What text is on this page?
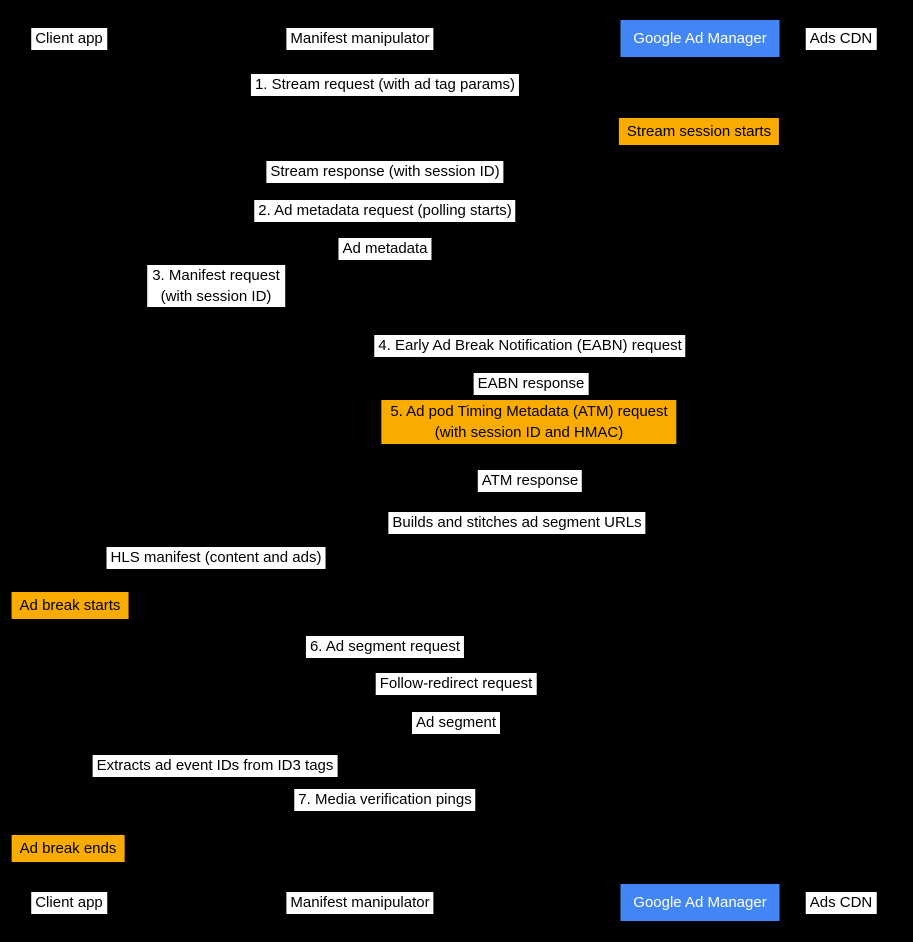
Client app	Manifest manipulator	Google Ad Manager	Ads CDN
1. Stream request (with ad tag params)
Stream session starts
Stream response (with session ID)
2. Ad metadata request (polling starts)
Ad metadata
3. Manifest request
(with session ID)
4. Early Ad Break Notification (EABN) request
EABN response
5. Ad pod Timing Metadata (ATM) request
(with session ID and HMAC)
ATM response
Builds and stitches ad segment URLs
HLS manifest (content and ads)
Ad break starts
6. Ad segment request
Follow-redirect request
Ad segment
Extracts ad event IDs from ID3 tags
7. Media verification pings
Ad break ends
Client app	Manifest manipulator	Google Ad Manager	Ads CDN
